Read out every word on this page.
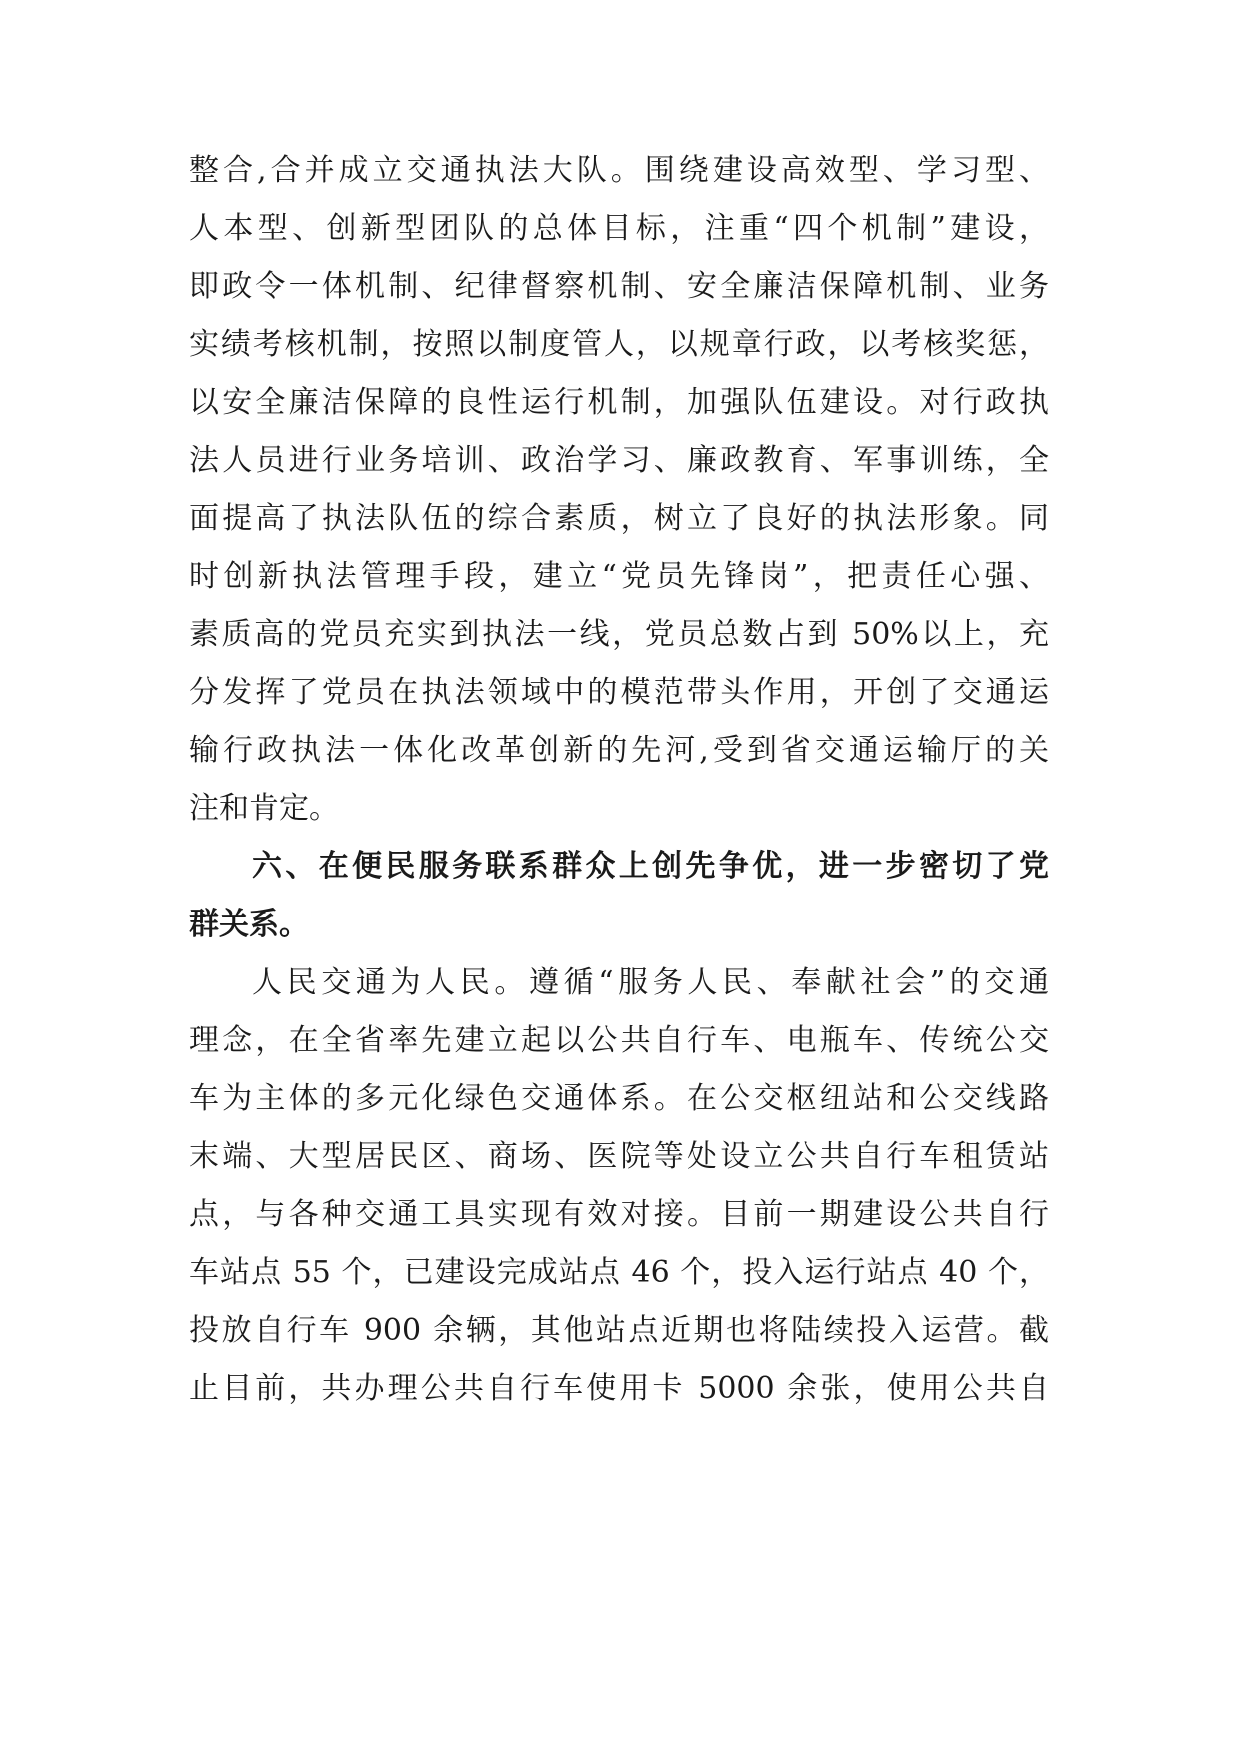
整合,合并成立交通执法大队。围绕建设高效型、学习型、
人本型、创新型团队的总体目标，注重“四个机制”建设，
即政令一体机制、纪律督察机制、安全廉洁保障机制、业务
实绩考核机制，按照以制度管人，以规章行政，以考核奖惩，
以安全廉洁保障的良性运行机制，加强队伍建设。对行政执
法人员进行业务培训、政治学习、廉政教育、军事训练，全
面提高了执法队伍的综合素质，树立了良好的执法形象。同
时创新执法管理手段，建立“党员先锋岗”，把责任心强、
素质高的党员充实到执法一线，党员总数占到 50%以上，充
分发挥了党员在执法领域中的模范带头作用，开创了交通运
输行政执法一体化改革创新的先河,受到省交通运输厅的关
注和肯定。
六、在便民服务联系群众上创先争优，进一步密切了党
群关系。
人民交通为人民。遵循“服务人民、奉献社会”的交通
理念，在全省率先建立起以公共自行车、电瓶车、传统公交
车为主体的多元化绿色交通体系。在公交枢纽站和公交线路
末端、大型居民区、商场、医院等处设立公共自行车租赁站
点，与各种交通工具实现有效对接。目前一期建设公共自行
车站点 55 个，已建设完成站点 46 个，投入运行站点 40 个，
投放自行车 900 余辆，其他站点近期也将陆续投入运营。截
止目前，共办理公共自行车使用卡 5000 余张，使用公共自
